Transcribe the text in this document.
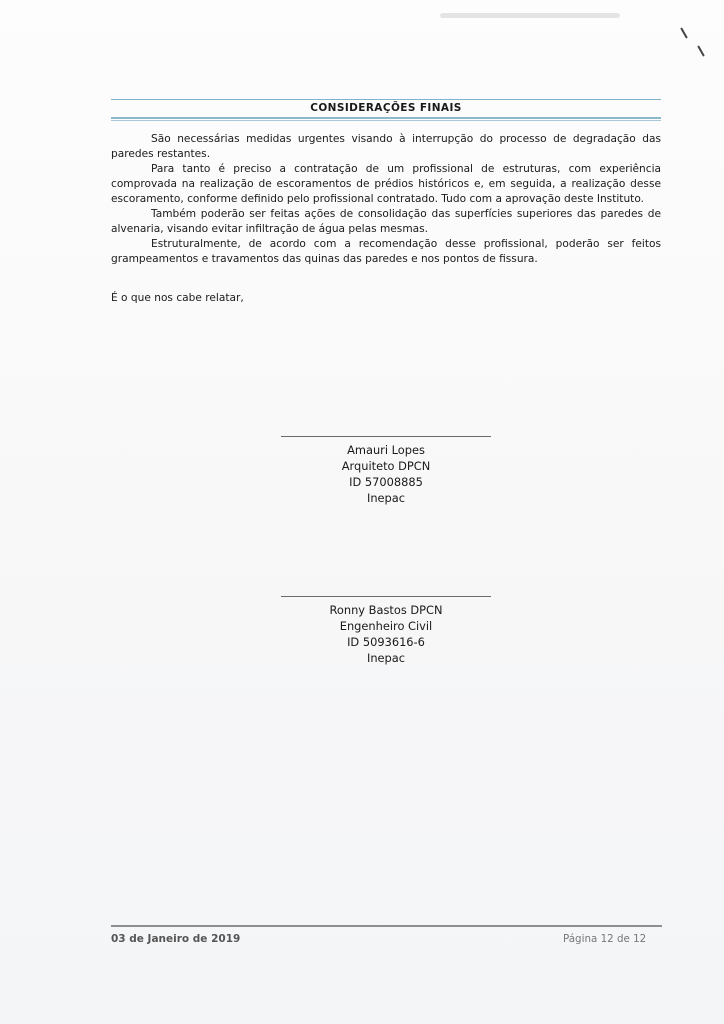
CONSIDERAÇÕES FINAIS

São necessárias medidas urgentes visando à interrupção do processo de degradação das paredes restantes.

Para tanto é preciso a contratação de um profissional de estruturas, com experiência comprovada na realização de escoramentos de prédios históricos e, em seguida, a realização desse escoramento, conforme definido pelo profissional contratado. Tudo com a aprovação deste Instituto.

Também poderão ser feitas ações de consolidação das superfícies superiores das paredes de alvenaria, visando evitar infiltração de água pelas mesmas.

Estruturalmente, de acordo com a recomendação desse profissional, poderão ser feitos grampeamentos e travamentos das quinas das paredes e nos pontos de fissura.

É o que nos cabe relatar,
Amauri Lopes
Arquiteto DPCN
ID 57008885
Inepac
Ronny Bastos DPCN
Engenheiro Civil
ID 5093616-6
Inepac
03 de Janeiro de 2019	Página 12 de 12
